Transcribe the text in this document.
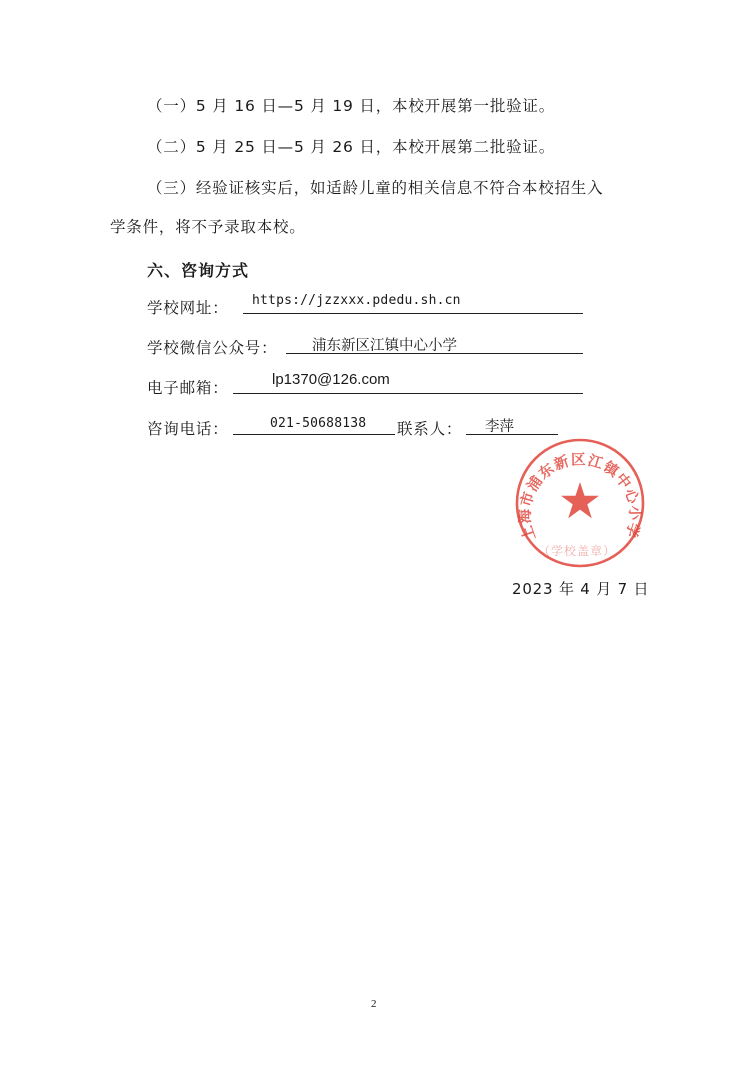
（一）5 月 16 日—5 月 19 日，本校开展第一批验证。
（二）5 月 25 日—5 月 26 日，本校开展第二批验证。
（三）经验证核实后，如适龄儿童的相关信息不符合本校招生入
学条件，将不予录取本校。
六、咨询方式
学校网址： https://jzzxxx.pdedu.sh.cn
学校微信公众号： 浦东新区江镇中心小学
电子邮箱：	lp1370@126.com
咨询电话：	021-50688138 联系人： 李萍
上海市浦东新区江镇中心小学
（学校盖章）
2023 年 4 月 7 日
2
